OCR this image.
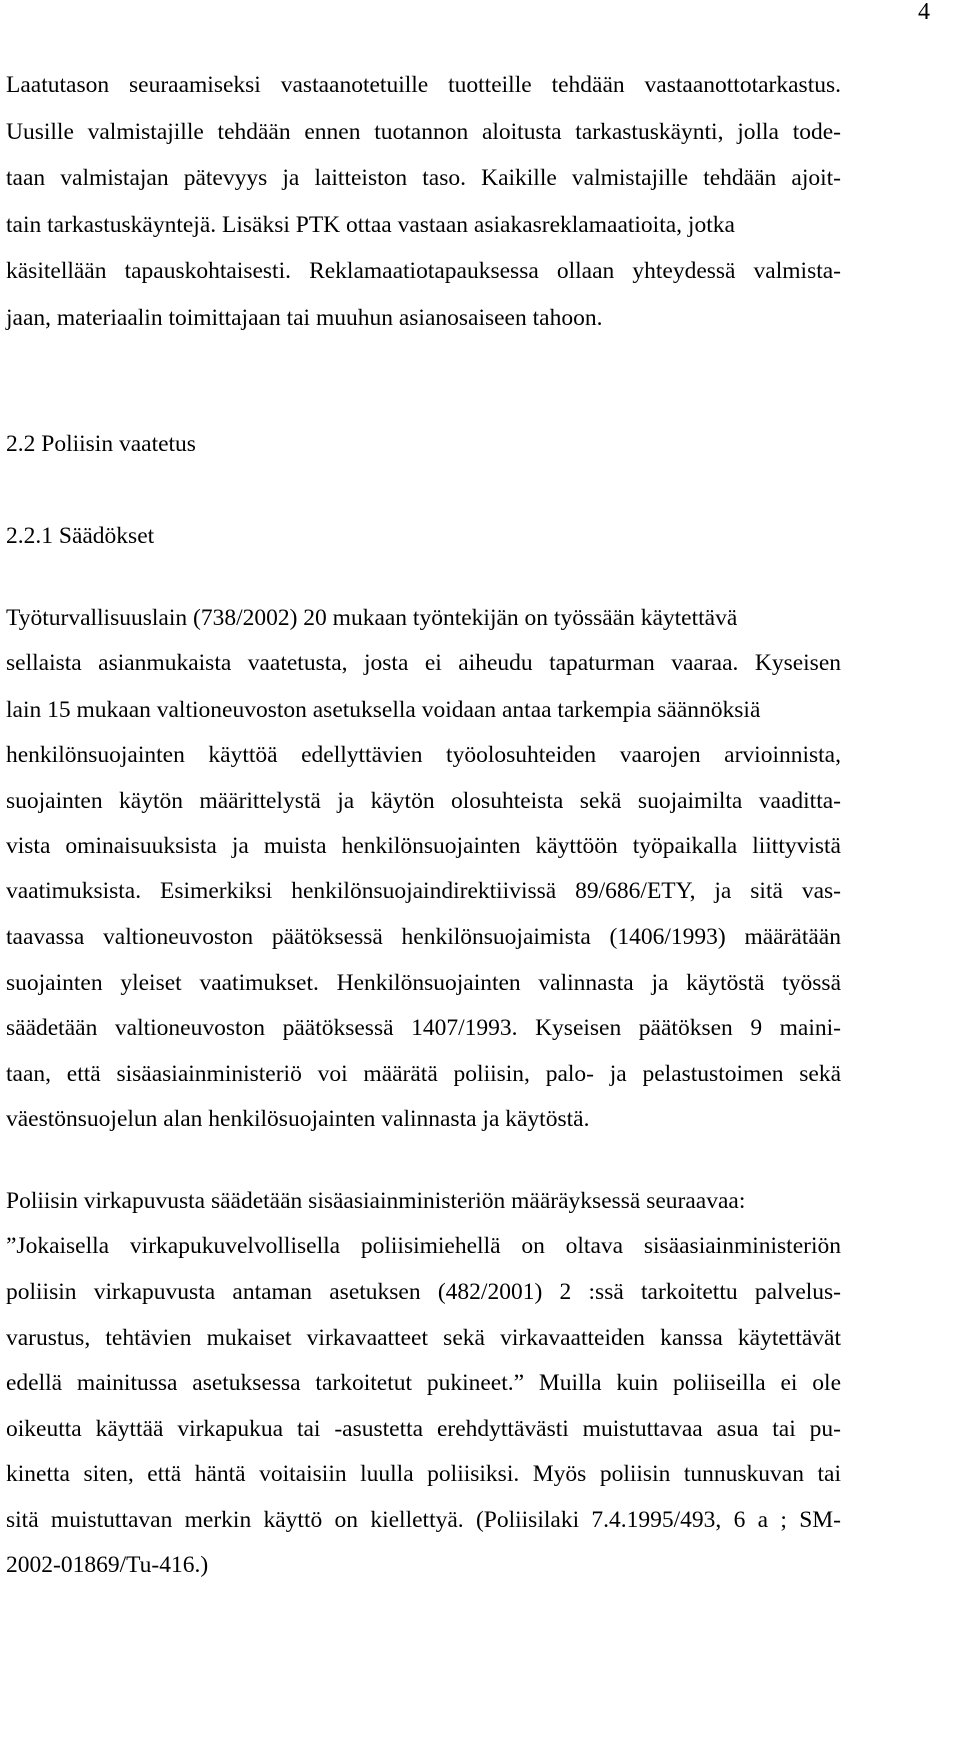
4
Laatutason seuraamiseksi vastaanotetuille tuotteille tehdään vastaanottotarkastus.
Uusille valmistajille tehdään ennen tuotannon aloitusta tarkastuskäynti, jolla tode-
taan valmistajan pätevyys ja laitteiston taso. Kaikille valmistajille tehdään ajoit-
tain tarkastuskäyntejä. Lisäksi PTK ottaa vastaan asiakasreklamaatioita, jotka
käsitellään tapauskohtaisesti. Reklamaatiotapauksessa ollaan yhteydessä valmista-
jaan, materiaalin toimittajaan tai muuhun asianosaiseen tahoon.
2.2 Poliisin vaatetus
2.2.1 Säädökset
Työturvallisuuslain (738/2002) 20 mukaan työntekijän on työssään käytettävä
sellaista asianmukaista vaatetusta, josta ei aiheudu tapaturman vaaraa. Kyseisen
lain 15 mukaan valtioneuvoston asetuksella voidaan antaa tarkempia säännöksiä
henkilönsuojainten käyttöä edellyttävien työolosuhteiden vaarojen arvioinnista,
suojainten käytön määrittelystä ja käytön olosuhteista sekä suojaimilta vaaditta-
vista ominaisuuksista ja muista henkilönsuojainten käyttöön työpaikalla liittyvistä
vaatimuksista. Esimerkiksi henkilönsuojaindirektiivissä 89/686/ETY, ja sitä vas-
taavassa valtioneuvoston päätöksessä henkilönsuojaimista (1406/1993) määrätään
suojainten yleiset vaatimukset. Henkilönsuojainten valinnasta ja käytöstä työssä
säädetään valtioneuvoston päätöksessä 1407/1993. Kyseisen päätöksen 9 maini-
taan, että sisäasiainministeriö voi määrätä poliisin, palo- ja pelastustoimen sekä
väestönsuojelun alan henkilösuojainten valinnasta ja käytöstä.
Poliisin virkapuvusta säädetään sisäasiainministeriön määräyksessä seuraavaa:
”Jokaisella virkapukuvelvollisella poliisimiehellä on oltava sisäasiainministeriön
poliisin virkapuvusta antaman asetuksen (482/2001) 2 :ssä tarkoitettu palvelus-
varustus, tehtävien mukaiset virkavaatteet sekä virkavaatteiden kanssa käytettävät
edellä mainitussa asetuksessa tarkoitetut pukineet.” Muilla kuin poliiseilla ei ole
oikeutta käyttää virkapukua tai -asustetta erehdyttävästi muistuttavaa asua tai pu-
kinetta siten, että häntä voitaisiin luulla poliisiksi. Myös poliisin tunnuskuvan tai
sitä muistuttavan merkin käyttö on kiellettyä. (Poliisilaki 7.4.1995/493, 6 a ; SM-
2002-01869/Tu-416.)
